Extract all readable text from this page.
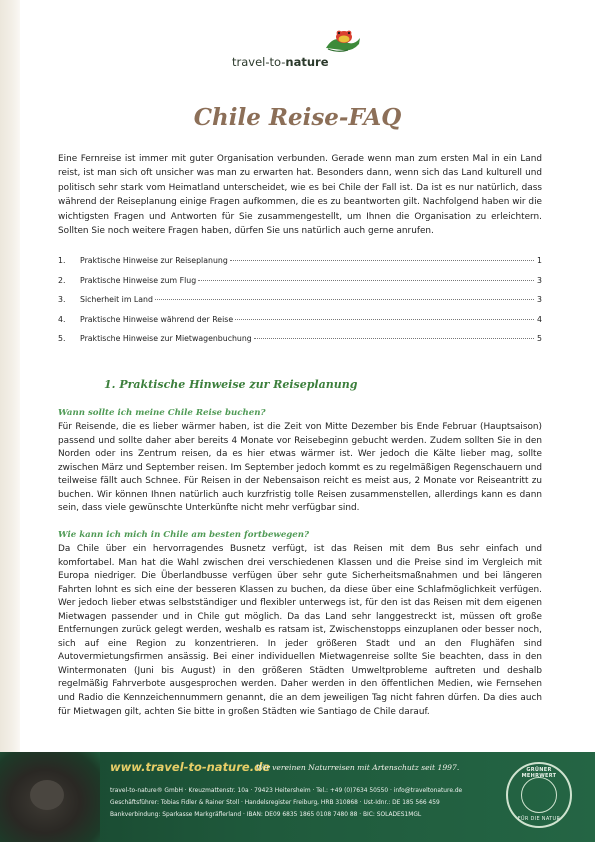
travel-to-nature
Chile Reise-FAQ

Eine Fernreise ist immer mit guter Organisation verbunden. Gerade wenn man zum ersten Mal in ein Land reist, ist man sich oft unsicher was man zu erwarten hat. Besonders dann, wenn sich das Land kulturell und politisch sehr stark vom Heimatland unterscheidet, wie es bei Chile der Fall ist. Da ist es nur natürlich, dass während der Reiseplanung einige Fragen aufkommen, die es zu beantworten gilt. Nachfolgend haben wir die wichtigsten Fragen und Antworten für Sie zusammengestellt, um Ihnen die Organisation zu erleichtern. Sollten Sie noch weitere Fragen haben, dürfen Sie uns natürlich auch gerne anrufen.

1.	Praktische Hinweise zur Reiseplanung	1
2.	Praktische Hinweise zum Flug	3
3.	Sicherheit im Land	3
4.	Praktische Hinweise während der Reise	4
5.	Praktische Hinweise zur Mietwagenbuchung	5
1. Praktische Hinweise zur Reiseplanung

Wann sollte ich meine Chile Reise buchen?

Für Reisende, die es lieber wärmer haben, ist die Zeit von Mitte Dezember bis Ende Februar (Hauptsaison) passend und sollte daher aber bereits 4 Monate vor Reisebeginn gebucht werden. Zudem sollten Sie in den Norden oder ins Zentrum reisen, da es hier etwas wärmer ist. Wer jedoch die Kälte lieber mag, sollte zwischen März und September reisen. Im September jedoch kommt es zu regelmäßigen Regenschauern und teilweise fällt auch Schnee. Für Reisen in der Nebensaison reicht es meist aus, 2 Monate vor Reiseantritt zu buchen. Wir können Ihnen natürlich auch kurzfristig tolle Reisen zusammenstellen, allerdings kann es dann sein, dass viele gewünschte Unterkünfte nicht mehr verfügbar sind.

Wie kann ich mich in Chile am besten fortbewegen?

Da Chile über ein hervorragendes Busnetz verfügt, ist das Reisen mit dem Bus sehr einfach und komfortabel. Man hat die Wahl zwischen drei verschiedenen Klassen und die Preise sind im Vergleich mit Europa niedriger. Die Überlandbusse verfügen über sehr gute Sicherheitsmaßnahmen und bei längeren Fahrten lohnt es sich eine der besseren Klassen zu buchen, da diese über eine Schlafmöglichkeit verfügen. Wer jedoch lieber etwas selbstständiger und flexibler unterwegs ist, für den ist das Reisen mit dem eigenen Mietwagen passender und in Chile gut möglich. Da das Land sehr langgestreckt ist, müssen oft große Entfernungen zurück gelegt werden, weshalb es ratsam ist, Zwischenstopps einzuplanen oder besser noch, sich auf eine Region zu konzentrieren. In jeder größeren Stadt und an den Flughäfen sind Autovermietungsfirmen ansässig. Bei einer individuellen Mietwagenreise sollte Sie beachten, dass in den Wintermonaten (Juni bis August) in den größeren Städten Umweltprobleme auftreten und deshalb regelmäßig Fahrverbote ausgesprochen werden. Daher werden in den öffentlichen Medien, wie Fernsehen und Radio die Kennzeichennummern genannt, die an dem jeweiligen Tag nicht fahren dürfen. Da dies auch für Mietwagen gilt, achten Sie bitte in großen Städten wie Santiago de Chile darauf.

www.travel-to-nature.de
Wir vereinen Naturreisen mit Artenschutz seit 1997.
travel-to-nature® GmbH · Kreuzmattenstr. 10a · 79423 Heitersheim · Tel.: +49 (0)7634 50550 · info@traveltonature.de
Geschäftsführer: Tobias Fidler & Rainer Stoll · Handelsregister Freiburg, HRB 310868 · Ust-Idnr.: DE 185 566 459
Bankverbindung: Sparkasse Markgräflerland · IBAN: DE09 6835 1865 0108 7480 88 · BIC: SOLADES1MGL
GRÜNER MEHRWERT
FÜR DIE NATUR
